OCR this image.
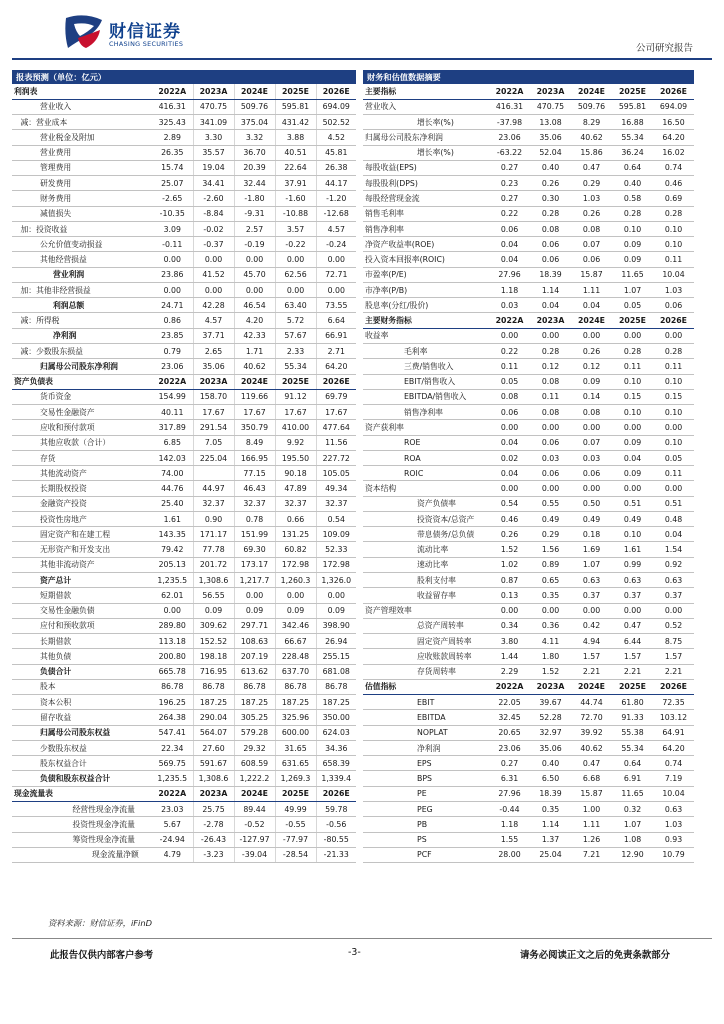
财信证券
CHASING SECURITIES	公司研究报告
报表预测（单位：亿元）
利润表	2022A	2023A	2024E	2025E	2026E
营业收入	416.31	470.75	509.76	595.81	694.09
减：营业成本	325.43	341.09	375.04	431.42	502.52
营业税金及附加	2.89	3.30	3.32	3.88	4.52
营业费用	26.35	35.57	36.70	40.51	45.81
管理费用	15.74	19.04	20.39	22.64	26.38
研发费用	25.07	34.41	32.44	37.91	44.17
财务费用	-2.65	-2.60	-1.80	-1.60	-1.20
减值损失	-10.35	-8.84	-9.31	-10.88	-12.68
加：投资收益	3.09	-0.02	2.57	3.57	4.57
公允价值变动损益	-0.11	-0.37	-0.19	-0.22	-0.24
其他经营损益	0.00	0.00	0.00	0.00	0.00
营业利润	23.86	41.52	45.70	62.56	72.71
加：其他非经营损益	0.00	0.00	0.00	0.00	0.00
利润总额	24.71	42.28	46.54	63.40	73.55
减：所得税	0.86	4.57	4.20	5.72	6.64
净利润	23.85	37.71	42.33	57.67	66.91
减：少数股东损益	0.79	2.65	1.71	2.33	2.71
归属母公司股东净利润	23.06	35.06	40.62	55.34	64.20
资产负债表	2022A	2023A	2024E	2025E	2026E
货币资金	154.99	158.70	119.66	91.12	69.79
交易性金融资产	40.11	17.67	17.67	17.67	17.67
应收和预付款项	317.89	291.54	350.79	410.00	477.64
其他应收款（合计）	6.85	7.05	8.49	9.92	11.56
存货	142.03	225.04	166.95	195.50	227.72
其他流动资产	74.00		77.15	90.18	105.05
长期股权投资	44.76	44.97	46.43	47.89	49.34
金融资产投资	25.40	32.37	32.37	32.37	32.37
投资性房地产	1.61	0.90	0.78	0.66	0.54
固定资产和在建工程	143.35	171.17	151.99	131.25	109.09
无形资产和开发支出	79.42	77.78	69.30	60.82	52.33
其他非流动资产	205.13	201.72	173.17	172.98	172.98
资产总计	1,235.5	1,308.6	1,217.7	1,260.3	1,326.0
短期借款	62.01	56.55	0.00	0.00	0.00
交易性金融负债	0.00	0.09	0.09	0.09	0.09
应付和预收款项	289.80	309.62	297.71	342.46	398.90
长期借款	113.18	152.52	108.63	66.67	26.94
其他负债	200.80	198.18	207.19	228.48	255.15
负债合计	665.78	716.95	613.62	637.70	681.08
股本	86.78	86.78	86.78	86.78	86.78
资本公积	196.25	187.25	187.25	187.25	187.25
留存收益	264.38	290.04	305.25	325.96	350.00
归属母公司股东权益	547.41	564.07	579.28	600.00	624.03
少数股东权益	22.34	27.60	29.32	31.65	34.36
股东权益合计	569.75	591.67	608.59	631.65	658.39
负债和股东权益合计	1,235.5	1,308.6	1,222.2	1,269.3	1,339.4
现金流量表	2022A	2023A	2024E	2025E	2026E
经营性现金净流量	23.03	25.75	89.44	49.99	59.78
投资性现金净流量	5.67	-2.78	-0.52	-0.55	-0.56
筹资性现金净流量	-24.94	-26.43	-127.97	-77.97	-80.55
现金流量净额	4.79	-3.23	-39.04	-28.54	-21.33
财务和估值数据摘要
主要指标	2022A	2023A	2024E	2025E	2026E
营业收入	416.31	470.75	509.76	595.81	694.09
增长率(%)	-37.98	13.08	8.29	16.88	16.50
归属母公司股东净利润	23.06	35.06	40.62	55.34	64.20
增长率(%)	-63.22	52.04	15.86	36.24	16.02
每股收益(EPS)	0.27	0.40	0.47	0.64	0.74
每股股利(DPS)	0.23	0.26	0.29	0.40	0.46
每股经营现金流	0.27	0.30	1.03	0.58	0.69
销售毛利率	0.22	0.28	0.26	0.28	0.28
销售净利率	0.06	0.08	0.08	0.10	0.10
净资产收益率(ROE)	0.04	0.06	0.07	0.09	0.10
投入资本回报率(ROIC)	0.04	0.06	0.06	0.09	0.11
市盈率(P/E)	27.96	18.39	15.87	11.65	10.04
市净率(P/B)	1.18	1.14	1.11	1.07	1.03
股息率(分红/股价)	0.03	0.04	0.04	0.05	0.06
主要财务指标	2022A	2023A	2024E	2025E	2026E
收益率	0.00	0.00	0.00	0.00	0.00
毛利率	0.22	0.28	0.26	0.28	0.28
三费/销售收入	0.11	0.12	0.12	0.11	0.11
EBIT/销售收入	0.05	0.08	0.09	0.10	0.10
EBITDA/销售收入	0.08	0.11	0.14	0.15	0.15
销售净利率	0.06	0.08	0.08	0.10	0.10
资产获利率	0.00	0.00	0.00	0.00	0.00
ROE	0.04	0.06	0.07	0.09	0.10
ROA	0.02	0.03	0.03	0.04	0.05
ROIC	0.04	0.06	0.06	0.09	0.11
资本结构	0.00	0.00	0.00	0.00	0.00
资产负债率	0.54	0.55	0.50	0.51	0.51
投资资本/总资产	0.46	0.49	0.49	0.49	0.48
带息债务/总负债	0.26	0.29	0.18	0.10	0.04
流动比率	1.52	1.56	1.69	1.61	1.54
速动比率	1.02	0.89	1.07	0.99	0.92
股利支付率	0.87	0.65	0.63	0.63	0.63
收益留存率	0.13	0.35	0.37	0.37	0.37
资产管理效率	0.00	0.00	0.00	0.00	0.00
总资产周转率	0.34	0.36	0.42	0.47	0.52
固定资产周转率	3.80	4.11	4.94	6.44	8.75
应收账款周转率	1.44	1.80	1.57	1.57	1.57
存货周转率	2.29	1.52	2.21	2.21	2.21
估值指标	2022A	2023A	2024E	2025E	2026E
EBIT	22.05	39.67	44.74	61.80	72.35
EBITDA	32.45	52.28	72.70	91.33	103.12
NOPLAT	20.65	32.97	39.92	55.38	64.91
净利润	23.06	35.06	40.62	55.34	64.20
EPS	0.27	0.40	0.47	0.64	0.74
BPS	6.31	6.50	6.68	6.91	7.19
PE	27.96	18.39	15.87	11.65	10.04
PEG	-0.44	0.35	1.00	0.32	0.63
PB	1.18	1.14	1.11	1.07	1.03
PS	1.55	1.37	1.26	1.08	0.93
PCF	28.00	25.04	7.21	12.90	10.79
资料来源：财信证券，iFinD
此报告仅供内部客户参考	-3-	请务必阅读正文之后的免责条款部分
